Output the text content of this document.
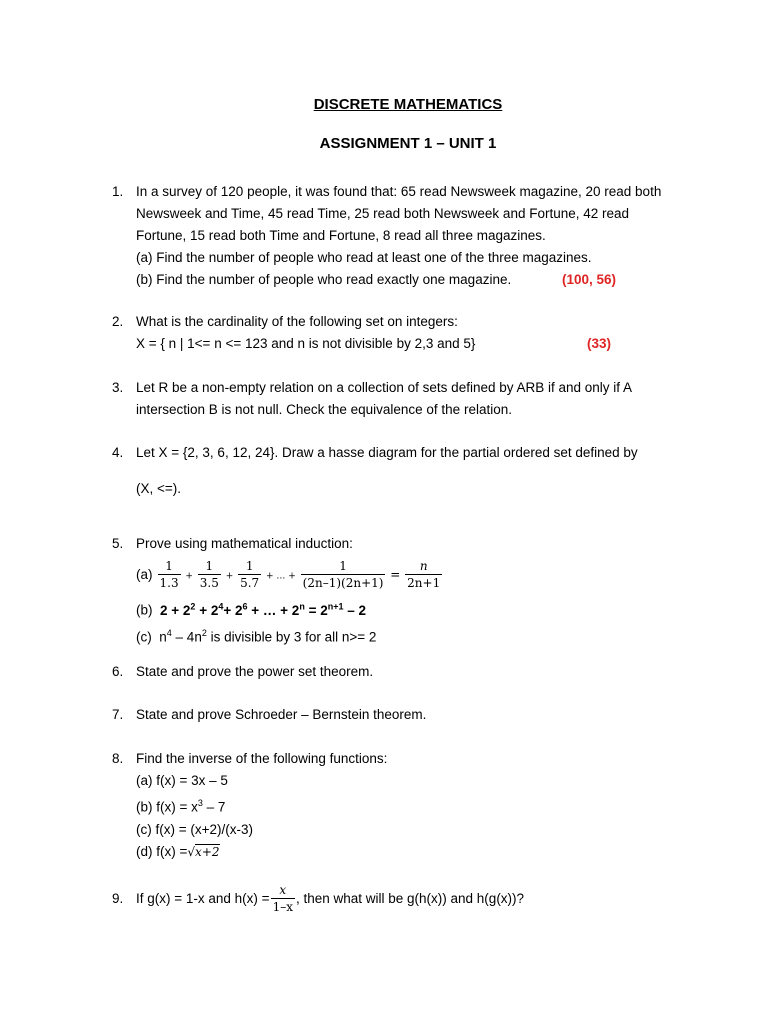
DISCRETE MATHEMATICS
ASSIGNMENT 1 – UNIT 1
1. In a survey of 120 people, it was found that: 65 read Newsweek magazine, 20 read both
Newsweek and Time, 45 read Time, 25 read both Newsweek and Fortune, 42 read
Fortune, 15 read both Time and Fortune, 8 read all three magazines.
(a) Find the number of people who read at least one of the three magazines.
(b) Find the number of people who read exactly one magazine.	(100, 56)
2. What is the cardinality of the following set on integers:
X = { n | 1<= n <= 123 and n is not divisible by 2,3 and 5}	(33)
3. Let R be a non-empty relation on a collection of sets defined by ARB if and only if A
intersection B is not null. Check the equivalence of the relation.
4. Let X = {2, 3, 6, 12, 24}. Draw a hasse diagram for the partial ordered set defined by
(X, <=).
5. Prove using mathematical induction:
$(a) \frac{1}{1.3} + \frac{1}{3.5} + \frac{1}{5.7}$ + … + $\frac{1}{(2n-1)(2n+1)} = \frac{n}{2n+1}$
(b) $2 + 2^2 + 2^4+ 2^6$ + … + $2^n = 2^{n+1} - 2$
(c) $n^4 - 4n^2$ is divisible by 3 for all n>= 2
6. State and prove the power set theorem.
7. State and prove Schroeder – Bernstein theorem.
8. Find the inverse of the following functions:
(a) f(x) = 3x – 5
(b) $f(x) = x^3 - 7$
(c) f(x) = (x+2)/(x-3)
(d) f(x) =√x+2
9. If g(x) = 1-x and $h(x) = \frac{x}{1-x}$ , then what will be g(h(x)) and h(g(x))?
